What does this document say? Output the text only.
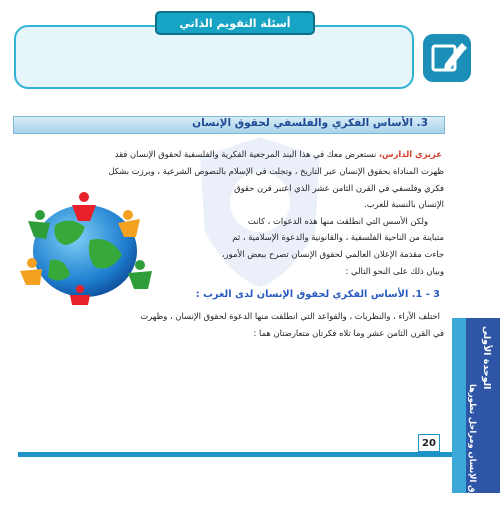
أسئلة التقويم الذاتي
3. الأساس الفكري والفلسفي لحقوق الإنسان
عزيزي الدارس، نستعرض معك في هذا البند المرجعية الفكرية والفلسفية لحقوق الإنسان فقد
ظهرت المناداة بحقوق الإنسان عبر التاريخ ، وتجلت في الإسلام بالنصوص الشرعية ، وبرزت بشكل
فكري وفلسفي في القرن الثامن عشر الذي اعتبر قرن حقوق
الإنسان بالنسبة للغرب.
ولكن الأسس التي انطلقت منها هذه الدعوات ، كانت
متباينة من الناحية الفلسفية ، والقانونية والدعوة الإسلامية ، ثم
جاءت مقدمة الإعلان العالمي لحقوق الإنسان تصرح ببعض الأمور،
وبيان ذلك على النحو التالي :
3 - 1. الأساس الفكري لحقوق الإنسان لدى الغرب :
اختلف الآراء ، والنظريات ، والقواعد التي انطلقت منها الدعوة لحقوق الإنسان ، وظهرت
في القرن الثامن عشر وما تلاه فكرتان متعارضتان هما :	الوحدة الأولى
حقوق الإنسان ومراحل تطورها
20
